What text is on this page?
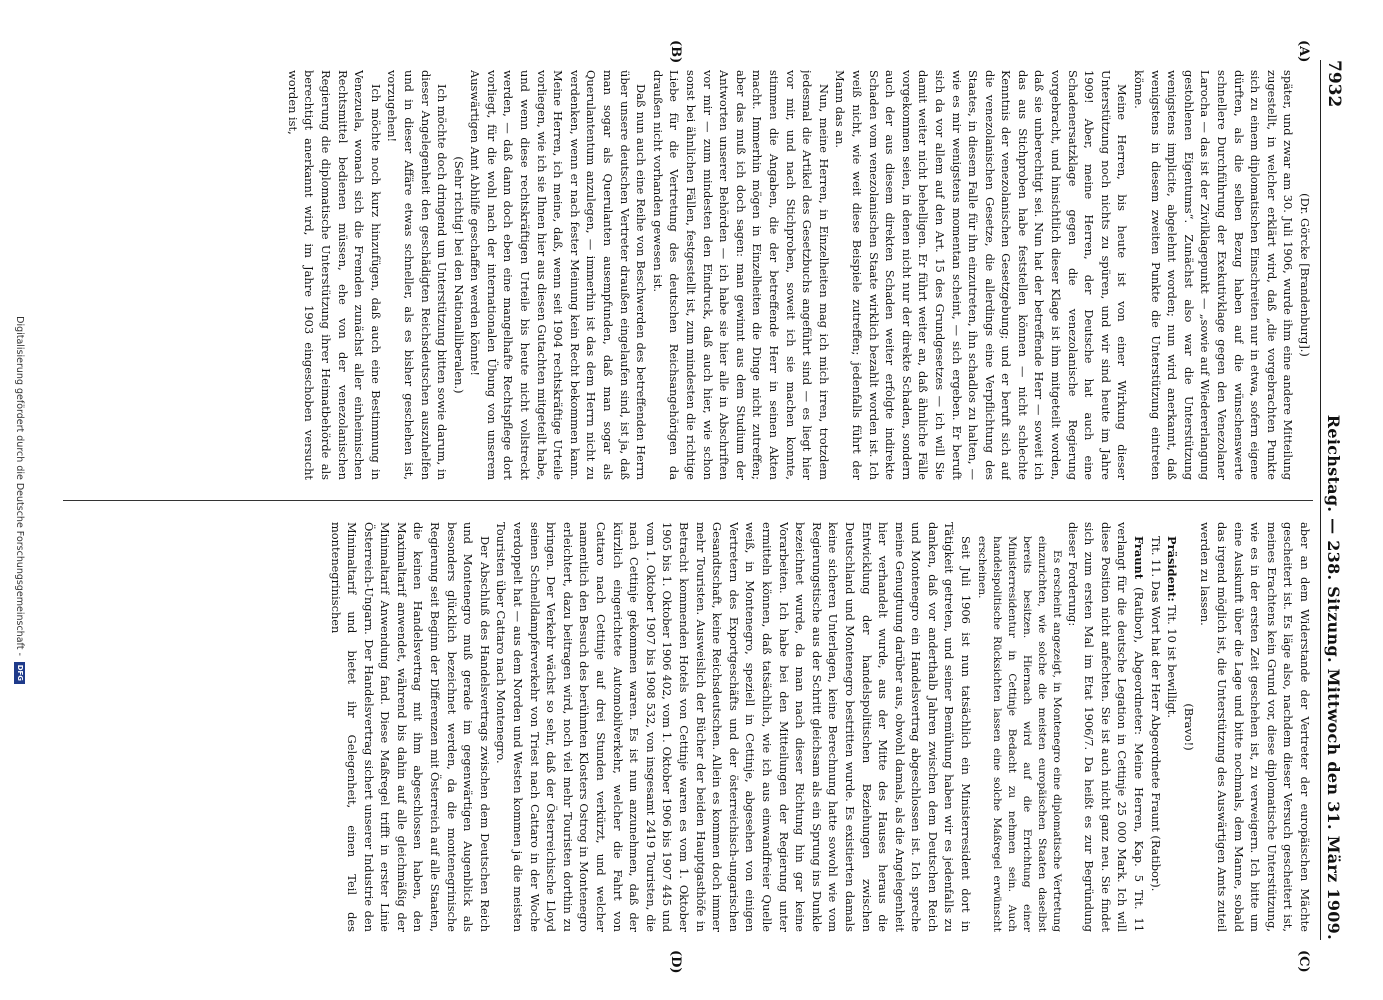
7932
Reichstag. — 238. Sitzung. Mittwoch den 31. März 1909.
(A)
(B)
(C)
(D)

(Dr. Görcke [Brandenburg].)

später, und zwar am 30. Juli 1906, wurde ihm eine andere Mitteilung zugestellt, in welcher erklärt wird, daß „die vorgebrachten Punkte sich zu einem diplomatischen Einschreiten nur in etwa, sofern eigene dürften, als die selben Bezug haben auf die wünschenswerte schnellere Durchführung der Exekutivklage gegen den Venezolaner Larocha — das ist der Zivilklagepunkt — „sowie auf Wiedererlangung gestohlenen Eigentums“. Zunächst also war die Unterstützung wenigstens implicite, abgelehnt worden; nun wird anerkannt, daß wenigstens in diesem zweiten Punkte die Unterstützung eintreten könne.

Meine Herren, bis heute ist von einer Wirkung dieser Unterstützung noch nichts zu spüren, und wir sind heute im Jahre 1909! Aber, meine Herren, der Deutsche hat auch eine Schadenersatzklage gegen die venezolanische Regierung vorgebracht, und hinsichtlich dieser Klage ist ihm mitgeteilt worden, daß sie unberechtigt sei. Nun hat der betreffende Herr — soweit ich das aus Stichproben habe feststellen können — nicht schlechte Kenntnis der venezolanischen Gesetzgebung; und er beruft sich auf die venezolanischen Gesetze, die allerdings eine Verpflichtung des Staates, in diesem Falle für ihn einzutreten, ihn schadlos zu halten, — wie es mir wenigstens momentan scheint, — sich ergeben. Er beruft sich da vor allem auf den Art. 15 des Grundgesetzes — ich will Sie damit weiter nicht behelligen. Er führt weiter an, daß ähnliche Fälle vorgekommen seien, in denen nicht nur der direkte Schaden, sondern auch der aus diesem direkten Schaden weiter erfolgte indirekte Schaden vom venezolanischen Staate wirklich bezahlt worden ist. Ich weiß nicht, wie weit diese Beispiele zutreffen; jedenfalls führt der Mann das an.

Nun, meine Herren, in Einzelheiten mag ich mich irren, trotzdem jedesmal die Artikel des Gesetzbuchs angeführt sind — es liegt hier vor mir, und nach Stichproben, soweit ich sie machen konnte, stimmen die Angaben, die der betreffende Herr in seinen Akten macht. Immerhin mögen in Einzelheiten die Dinge nicht zutreffen; aber das muß ich doch sagen: man gewinnt aus dem Studium der Antworten unserer Behörden — ich habe sie hier alle in Abschriften vor mir — zum mindesten den Eindruck, daß auch hier, wie schon sonst bei ähnlichen Fällen, festgestellt ist, zum mindesten die richtige Liebe für die Vertretung des deutschen Reichsangehörigen da draußen nicht vorhanden gewesen ist.

Daß nun auch eine Reihe von Beschwerden des betreffenden Herrn über unsere deutschen Vertreter draußen eingelaufen sind, ist ja, daß man sogar als Querulanten ausempfunden, daß man sogar als Querulantentum anzulegen, — immerhin ist das dem Herrn nicht zu verdenken, wenn er nach fester Meinung kein Recht bekommen kann. Meine Herren, ich meine, daß, wenn seit 1904 rechtskräftige Urteile vorliegen, wie ich sie Ihnen hier aus diesen Gutachten mitgeteilt habe, und wenn diese rechtskräftigen Urteile bis heute nicht vollstreckt werden, — daß dann doch eben eine mangelhafte Rechtspflege dort vorliegt, für die wohl nach der internationalen Übung von unserem Auswärtigen Amt Abhilfe geschaffen werden könnte!

(Sehr richtig! bei den Nationalliberalen.)

Ich möchte doch dringend um Unterstützung bitten sowie darum, in dieser Angelegenheit den geschädigten Reichsdeutschen auszuhelfen und in dieser Affäre etwas schneller, als es bisher geschehen ist, vorzugehen!

Ich möchte noch kurz hinzufügen, daß auch eine Bestimmung in Venezuela, wonach sich die Fremden zunächst aller einheimischen Rechtsmittel bedienen müssen, ehe von der venezolanischen Regierung die diplomatische Unterstützung ihrer Heimatbehörde als berechtigt anerkannt wird, im Jahre 1903 eingeschoben versucht worden ist,

aber an dem Widerstande der Vertreter der europäischen Mächte gescheitert ist. Es läge also, nachdem dieser Versuch gescheitert ist, meines Erachtens kein Grund vor, diese diplomatische Unterstützung, wie es in der ersten Zeit geschehen ist, zu verweigern. Ich bitte um eine Auskunft über die Lage und bitte nochmals, dem Manne, sobald das irgend möglich ist, die Unterstützung des Auswärtigen Amts zuteil werden zu lassen.

(Bravo!)

Präsident: Tit. 10 ist bewilligt.

Tit. 11. Das Wort hat der Herr Abgeordnete Fraunt (Ratibor).

Fraunt (Ratibor), Abgeordneter: Meine Herren, Kap. 5 Tit. 11 verlangt für die deutsche Legation in Cettinje 25 000 Mark. Ich will diese Position nicht anfechten. Sie ist auch nicht ganz neu. Sie findet sich zum ersten Mal im Etat 1906/7. Da heißt es zur Begründung dieser Forderung:

Es erscheint angezeigt, in Montenegro eine diplomatische Vertretung einzurichten, wie solche die meisten europäischen Staaten daselbst bereits besitzen. Hiernach wird auf die Errichtung einer Ministerresidentur in Cettinje Bedacht zu nehmen sein. Auch handelspolitische Rücksichten lassen eine solche Maßregel erwünscht erscheinen.

Seit Juli 1906 ist nun tatsächlich ein Ministerresident dort in Tätigkeit getreten, und seiner Bemühung haben wir es jedenfalls zu danken, daß vor anderthalb Jahren zwischen dem Deutschen Reich und Montenegro ein Handelsvertrag abgeschlossen ist. Ich spreche meine Genugtuung darüber aus, obwohl damals, als die Angelegenheit hier verhandelt wurde, aus der Mitte des Hauses heraus die Entwicklung der handelspolitischen Beziehungen zwischen Deutschland und Montenegro bestritten wurde. Es existierten damals keine sicheren Unterlagen, keine Berechnung hatte sowohl wie vom Regierungstische aus der Schritt gleichsam als ein Sprung ins Dunkle bezeichnet wurde, da man nach dieser Richtung hin gar keine Vorarbeiten. Ich habe bei den Mitteilungen der Regierung unter ermitteln können, daß tatsächlich, wie ich aus einwandfreier Quelle weiß, in Montenegro, speziell in Cettinje, abgesehen von einigen Vertretern des Exportgeschäfts und der österreichisch-ungarischen Gesandtschaft, keine Reichsdeutschen. Allein es kommen doch immer mehr Touristen. Ausweislich der Bücher der beiden Hauptgasthöfe in Betracht kommenden Hotels von Cettinje waren es vom 1. Oktober 1905 bis 1. Oktober 1906 402, vom 1. Oktober 1906 bis 1907 445 und vom 1. Oktober 1907 bis 1908 532, von insgesamt 2419 Touristen, die nach Cettinje gekommen waren. Es ist nun anzunehmen, daß der kürzlich eingerichtete Automobilverkehr, welcher die Fahrt von Cattaro nach Cettinje auf drei Stunden verkürzt, und welcher namentlich den Besuch des berühmten Klosters Ostrog in Montenegro erleichtert, dazu beitragen wird, noch viel mehr Touristen dorthin zu bringen. Der Verkehr wächst so sehr, daß der Österreichische Lloyd seinen Schnelldampferverkehr von Triest nach Cattaro in der Woche verdoppelt hat — aus dem Norden und Westen kommen ja die meisten Touristen über Cattaro nach Montenegro.

Der Abschluß des Handelsvertrags zwischen dem Deutschen Reich und Montenegro muß gerade im gegenwärtigen Augenblick als besonders glücklich bezeichnet werden, da die montenegrinische Regierung seit Beginn der Differenzen mit Österreich auf alle Staaten, die keinen Handelsvertrag mit ihm abgeschlossen haben, den Maximaltarif anwendet, während bis dahin auf alle gleichmäßig der Minimaltarif Anwendung fand. Diese Maßregel trifft in erster Linie Österreich-Ungarn. Der Handelsvertrag sichert unserer Industrie den Minimaltarif und bietet ihr Gelegenheit, einen Teil des montenegrinischen

Digitalisierung gefördert durch die Deutsche Forschungsgemeinschaft -
DFG
